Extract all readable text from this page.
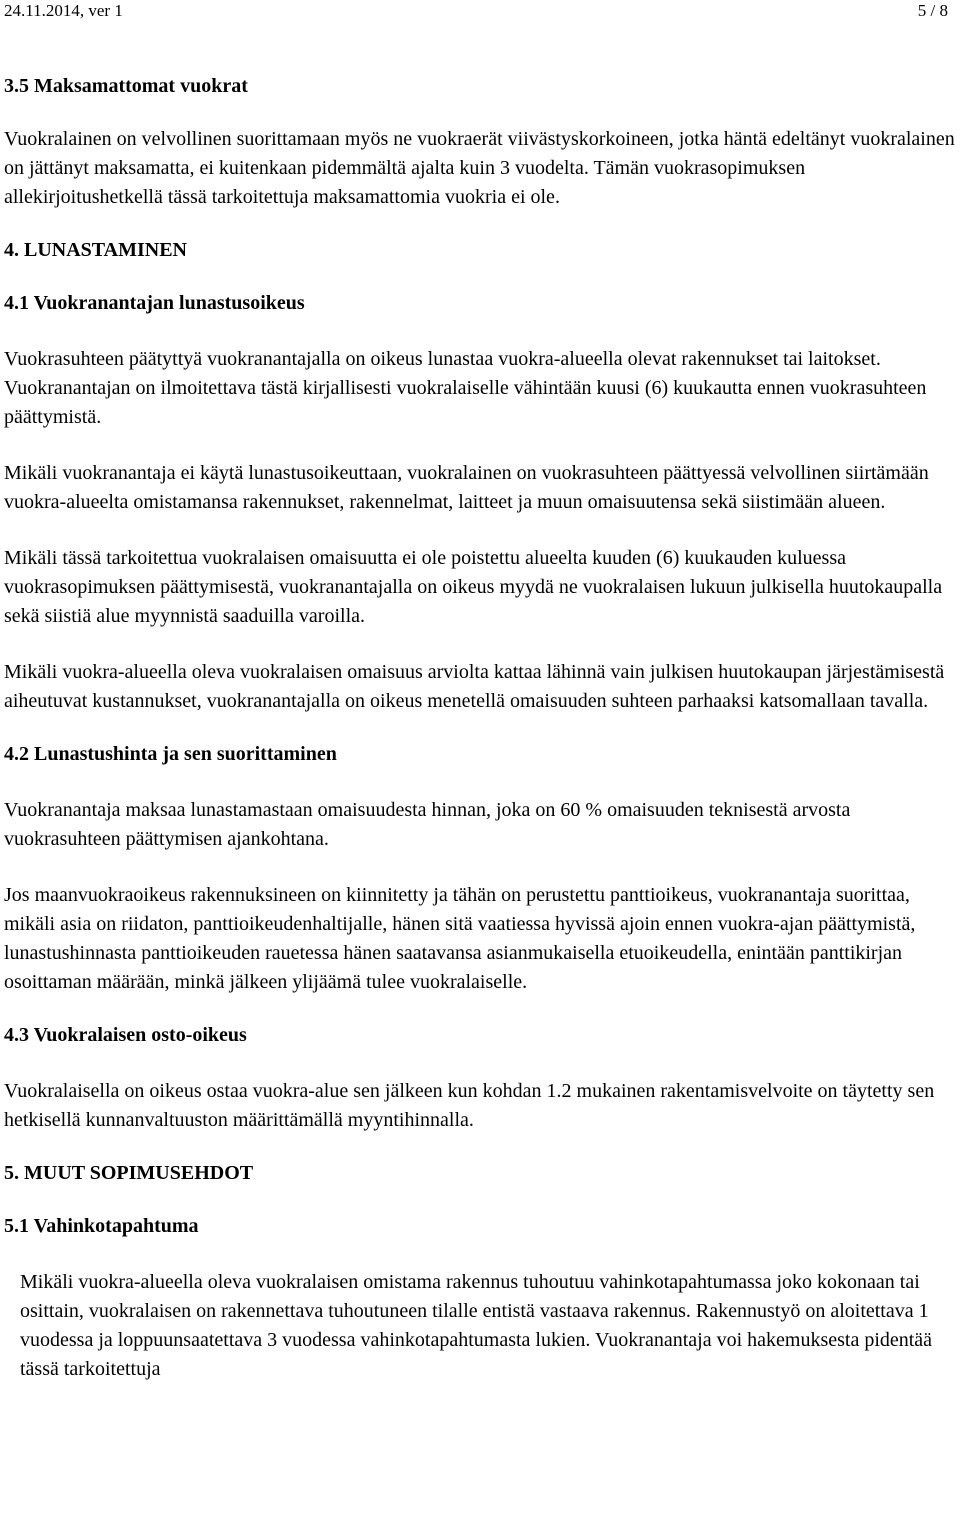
24.11.2014, ver 1	5 / 8
3.5 Maksamattomat vuokrat

Vuokralainen on velvollinen suorittamaan myös ne vuokraerät viivästyskorkoineen, jotka häntä edeltänyt vuokralainen on jättänyt maksamatta, ei kuitenkaan pidemmältä ajalta kuin 3 vuodelta. Tämän vuokrasopimuksen allekirjoitushetkellä tässä tarkoitettuja maksamattomia vuokria ei ole.

4. LUNASTAMINEN
4.1 Vuokranantajan lunastusoikeus

Vuokrasuhteen päätyttyä vuokranantajalla on oikeus lunastaa vuokra-alueella olevat rakennukset tai laitokset. Vuokranantajan on ilmoitettava tästä kirjallisesti vuokralaiselle vähintään kuusi (6) kuukautta ennen vuokrasuhteen päättymistä.

Mikäli vuokranantaja ei käytä lunastusoikeuttaan, vuokralainen on vuokrasuhteen päättyessä velvollinen siirtämään vuokra-alueelta omistamansa rakennukset, rakennelmat, laitteet ja muun omaisuutensa sekä siistimään alueen.

Mikäli tässä tarkoitettua vuokralaisen omaisuutta ei ole poistettu alueelta kuuden (6) kuukauden kuluessa vuokrasopimuksen päättymisestä, vuokranantajalla on oikeus myydä ne vuokralaisen lukuun julkisella huutokaupalla sekä siistiä alue myynnistä saaduilla varoilla.

Mikäli vuokra-alueella oleva vuokralaisen omaisuus arviolta kattaa lähinnä vain julkisen huutokaupan järjestämisestä aiheutuvat kustannukset, vuokranantajalla on oikeus menetellä omaisuuden suhteen parhaaksi katsomallaan tavalla.

4.2 Lunastushinta ja sen suorittaminen

Vuokranantaja maksaa lunastamastaan omaisuudesta hinnan, joka on 60 % omaisuuden teknisestä arvosta vuokrasuhteen päättymisen ajankohtana.

Jos maanvuokraoikeus rakennuksineen on kiinnitetty ja tähän on perustettu panttioikeus, vuokranantaja suorittaa, mikäli asia on riidaton, panttioikeudenhaltijalle, hänen sitä vaatiessa hyvissä ajoin ennen vuokra-ajan päättymistä, lunastushinnasta panttioikeuden rauetessa hänen saatavansa asianmukaisella etuoikeudella, enintään panttikirjan osoittaman määrään, minkä jälkeen ylijäämä tulee vuokralaiselle.

4.3 Vuokralaisen osto-oikeus

Vuokralaisella on oikeus ostaa vuokra-alue sen jälkeen kun kohdan 1.2 mukainen rakentamisvelvoite on täytetty sen hetkisellä kunnanvaltuuston määrittämällä myyntihinnalla.

5. MUUT SOPIMUSEHDOT
5.1 Vahinkotapahtuma

Mikäli vuokra-alueella oleva vuokralaisen omistama rakennus tuhoutuu vahinkotapahtumassa joko kokonaan tai osittain, vuokralaisen on rakennettava tuhoutuneen tilalle entistä vastaava rakennus. Rakennustyö on aloitettava 1 vuodessa ja loppuunsaatettava 3 vuodessa vahinkotapahtumasta lukien. Vuokranantaja voi hakemuksesta pidentää tässä tarkoitettuja
